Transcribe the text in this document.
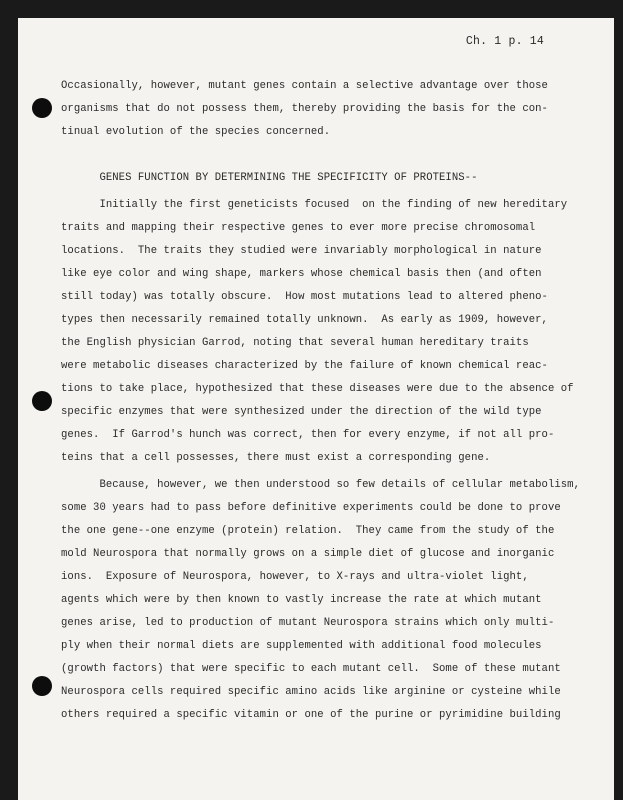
Ch. 1 p. 14
Occasionally, however, mutant genes contain a selective advantage over those
organisms that do not possess them, thereby providing the basis for the con-
tinual evolution of the species concerned.
GENES FUNCTION BY DETERMINING THE SPECIFICITY OF PROTEINS--
Initially the first geneticists focused  on the finding of new hereditary
traits and mapping their respective genes to ever more precise chromosomal
locations.  The traits they studied were invariably morphological in nature
like eye color and wing shape, markers whose chemical basis then (and often
still today) was totally obscure.  How most mutations lead to altered pheno-
types then necessarily remained totally unknown.  As early as 1909, however,
the English physician Garrod, noting that several human hereditary traits
were metabolic diseases characterized by the failure of known chemical reac-
tions to take place, hypothesized that these diseases were due to the absence of
specific enzymes that were synthesized under the direction of the wild type
genes.  If Garrod's hunch was correct, then for every enzyme, if not all pro-
teins that a cell possesses, there must exist a corresponding gene.
Because, however, we then understood so few details of cellular metabolism,
some 30 years had to pass before definitive experiments could be done to prove
the one gene--one enzyme (protein) relation.  They came from the study of the
mold Neurospora that normally grows on a simple diet of glucose and inorganic
ions.  Exposure of Neurospora, however, to X-rays and ultra-violet light,
agents which were by then known to vastly increase the rate at which mutant
genes arise, led to production of mutant Neurospora strains which only multi-
ply when their normal diets are supplemented with additional food molecules
(growth factors) that were specific to each mutant cell.  Some of these mutant
Neurospora cells required specific amino acids like arginine or cysteine while
others required a specific vitamin or one of the purine or pyrimidine building
